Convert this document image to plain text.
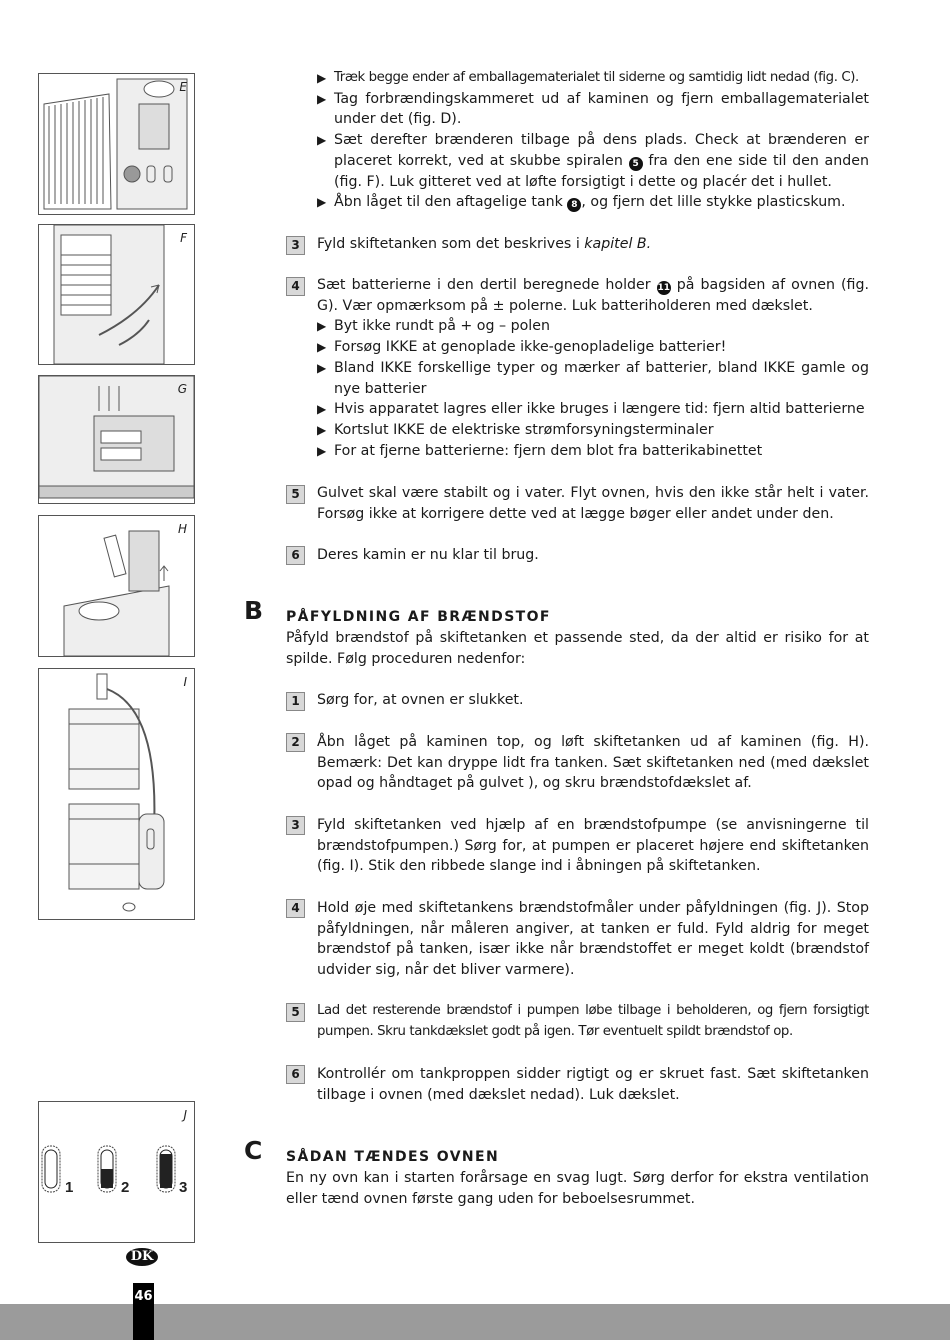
E
F
G
H
I
1	2	3
J

▶ Træk begge ender af emballagematerialet til siderne og samtidig lidt nedad (fig. C).

▶ Tag forbrændingskammeret ud af kaminen og fjern emballagematerialet under det (fig. D).

▶ Sæt derefter brænderen tilbage på dens plads. Check at brænderen er placeret korrekt, ved at skubbe spiralen 5 fra den ene side til den anden (fig. F). Luk gitteret ved at løfte forsigtigt i dette og placér det i hullet.

▶ Åbn låget til den aftagelige tank 8 , og fjern det lille stykke plasticskum.

3	Fyld skiftetanken som det beskrives i kapitel B.
4	Sæt batterierne i den dertil beregnede holder 11 på bagsiden af ovnen (fig. G). Vær opmærksom på ± polerne. Luk batteriholderen med dækslet.

▶ Byt ikke rundt på + og – polen

▶ Forsøg IKKE at genoplade ikke-genopladelige batterier!

▶ Bland IKKE forskellige typer og mærker af batterier, bland IKKE gamle og nye batterier

▶ Hvis apparatet lagres eller ikke bruges i længere tid: fjern altid batterierne

▶ Kortslut IKKE de elektriske strømforsyningsterminaler

▶ For at fjerne batterierne: fjern dem blot fra batterikabinettet

5	Gulvet skal være stabilt og i vater. Flyt ovnen, hvis den ikke står helt i vater. Forsøg ikke at korrigere dette ved at lægge bøger eller andet under den.
6	Deres kamin er nu klar til brug.
B PÅFYLDNING AF BRÆNDSTOF
Påfyld brændstof på skiftetanken et passende sted, da der altid er risiko for at spilde. Følg proceduren nedenfor:
1	Sørg for, at ovnen er slukket.
2	Åbn låget på kaminen top, og løft skiftetanken ud af kaminen (fig. H). Bemærk: Det kan dryppe lidt fra tanken. Sæt skiftetanken ned (med dækslet opad og håndtaget på gulvet ), og skru brændstofdækslet af.
3	Fyld skiftetanken ved hjælp af en brændstofpumpe (se anvisningerne til brændstofpumpen.) Sørg for, at pumpen er placeret højere end skiftetanken (fig. I). Stik den ribbede slange ind i åbningen på skiftetanken.
4	Hold øje med skiftetankens brændstofmåler under påfyldningen (fig. J). Stop påfyldningen, når måleren angiver, at tanken er fuld. Fyld aldrig for meget brændstof på tanken, især ikke når brændstoffet er meget koldt (brændstof udvider sig, når det bliver varmere).
5	Lad det resterende brændstof i pumpen løbe tilbage i beholderen, og fjern forsigtigt pumpen. Skru tankdækslet godt på igen. Tør eventuelt spildt brændstof op.
6	Kontrollér om tankproppen sidder rigtigt og er skruet fast. Sæt skiftetanken tilbage i ovnen (med dækslet nedad). Luk dækslet.
C SÅDAN TÆNDES OVNEN
En ny ovn kan i starten forårsage en svag lugt. Sørg derfor for ekstra ventilation eller tænd ovnen første gang uden for beboelsesrummet.
DK
46
